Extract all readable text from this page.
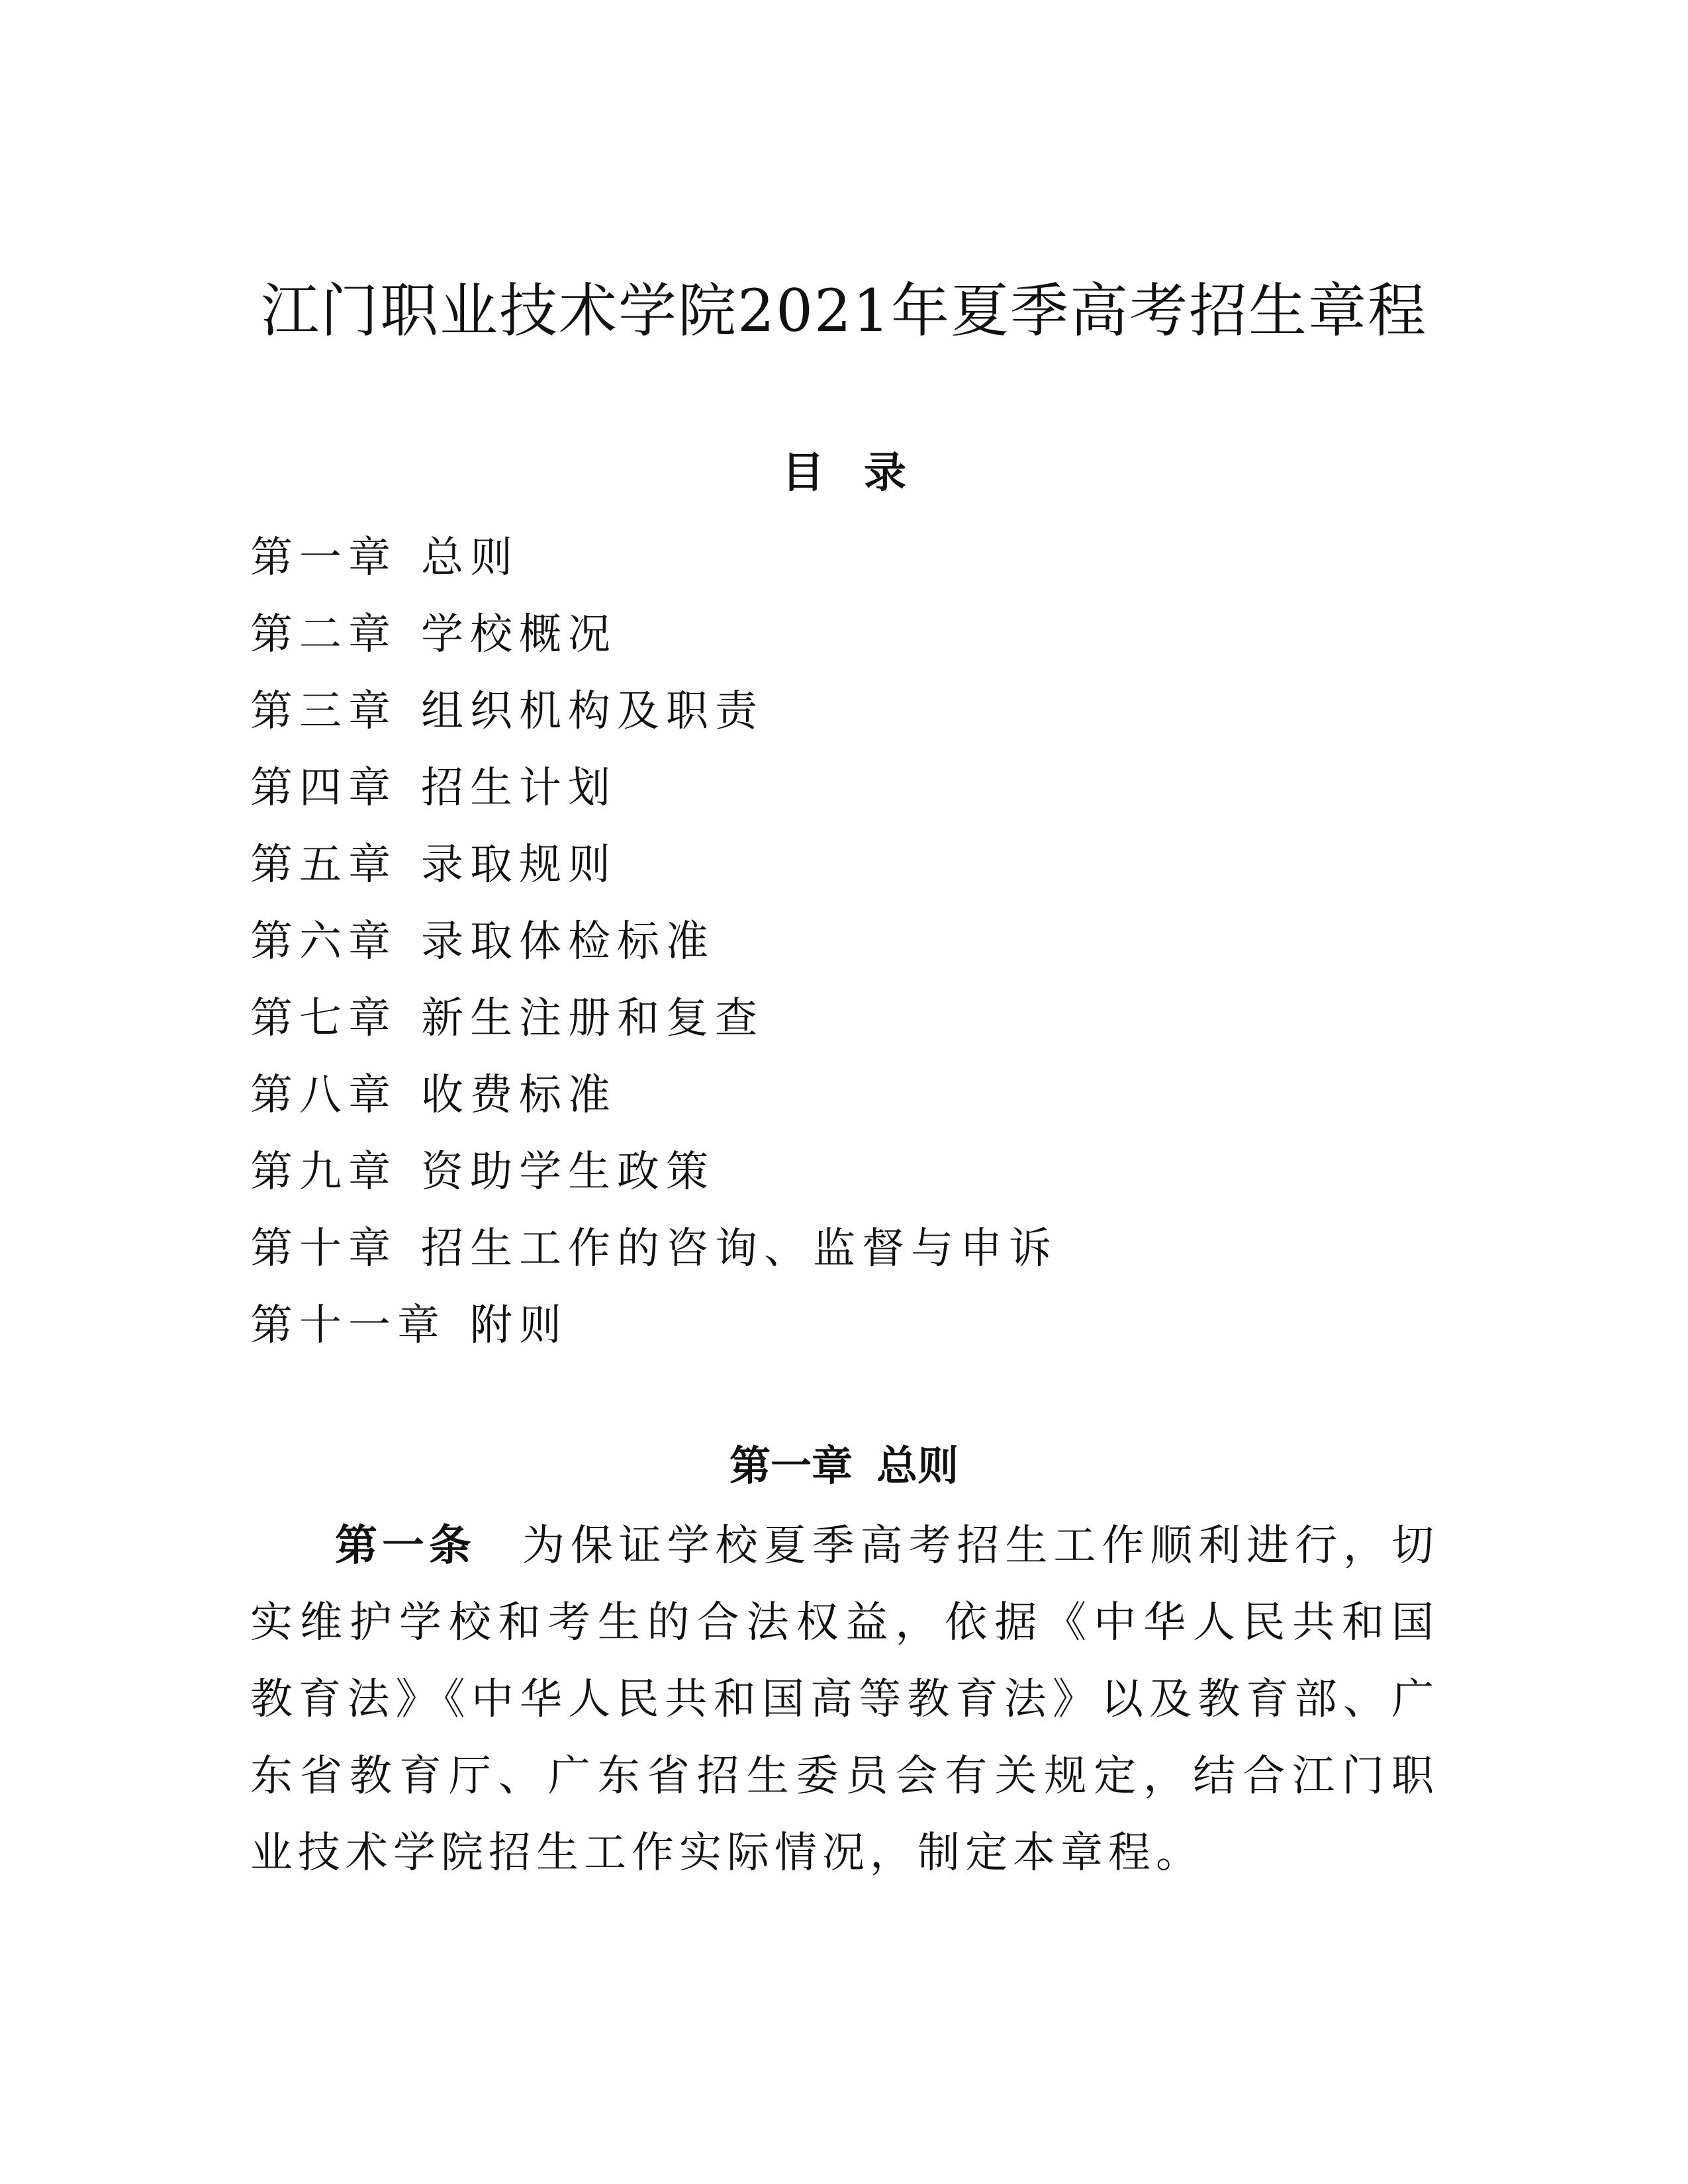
江门职业技术学院2021年夏季高考招生章程
目录
第一章 总则
第二章 学校概况
第三章 组织机构及职责
第四章 招生计划
第五章 录取规则
第六章 录取体检标准
第七章 新生注册和复查
第八章 收费标准
第九章 资助学生政策
第十章 招生工作的咨询、监督与申诉
第十一章 附则
第一章 总则

第一条 为保证学校夏季高考招生工作顺利进行，切实维护学校和考生的合法权益，依据《中华人民共和国教育法》《中华人民共和国高等教育法》以及教育部、广东省教育厅、广东省招生委员会有关规定，结合江门职业技术学院招生工作实际情况，制定本章程。
